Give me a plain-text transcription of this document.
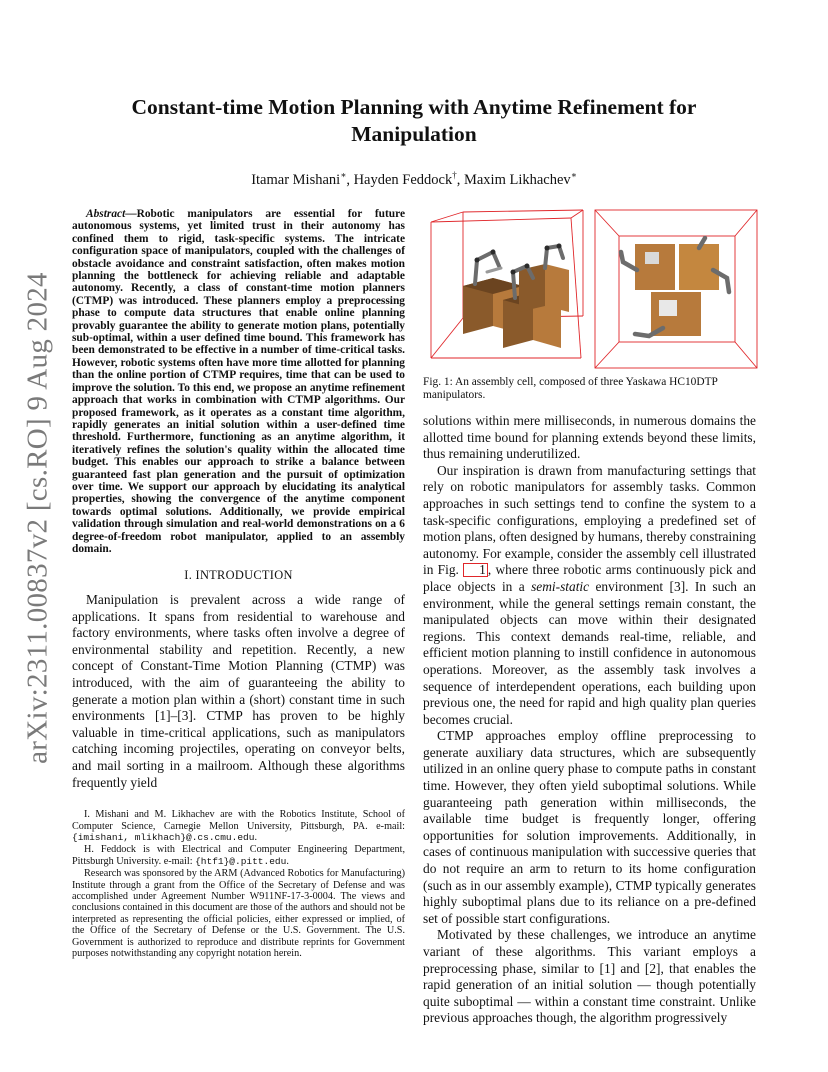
arXiv:2311.00837v2 [cs.RO] 9 Aug 2024
Constant-time Motion Planning with Anytime Refinement for Manipulation
Itamar Mishani∗, Hayden Feddock†, Maxim Likhachev∗

Abstract—Robotic manipulators are essential for future autonomous systems, yet limited trust in their autonomy has confined them to rigid, task-specific systems. The intricate configuration space of manipulators, coupled with the challenges of obstacle avoidance and constraint satisfaction, often makes motion planning the bottleneck for achieving reliable and adaptable autonomy. Recently, a class of constant-time motion planners (CTMP) was introduced. These planners employ a preprocessing phase to compute data structures that enable online planning provably guarantee the ability to generate motion plans, potentially sub-optimal, within a user defined time bound. This framework has been demonstrated to be effective in a number of time-critical tasks. However, robotic systems often have more time allotted for planning than the online portion of CTMP requires, time that can be used to improve the solution. To this end, we propose an anytime refinement approach that works in combination with CTMP algorithms. Our proposed framework, as it operates as a constant time algorithm, rapidly generates an initial solution within a user-defined time threshold. Furthermore, functioning as an anytime algorithm, it iteratively refines the solution's quality within the allocated time budget. This enables our approach to strike a balance between guaranteed fast plan generation and the pursuit of optimization over time. We support our approach by elucidating its analytical properties, showing the convergence of the anytime component towards optimal solutions. Additionally, we provide empirical validation through simulation and real-world demonstrations on a 6 degree-of-freedom robot manipulator, applied to an assembly domain.

I. INTRODUCTION

Manipulation is prevalent across a wide range of applications. It spans from residential to warehouse and factory environments, where tasks often involve a degree of environmental stability and repetition. Recently, a new concept of Constant-Time Motion Planning (CTMP) was introduced, with the aim of guaranteeing the ability to generate a motion plan within a (short) constant time in such environments [1]–[3]. CTMP has proven to be highly valuable in time-critical applications, such as manipulators catching incoming projectiles, operating on conveyor belts, and mail sorting in a mailroom. Although these algorithms frequently yield

I. Mishani and M. Likhachev are with the Robotics Institute, School of Computer Science, Carnegie Mellon University, Pittsburgh, PA. e-mail: {imishani, mlikhach}@.cs.cmu.edu.

H. Feddock is with Electrical and Computer Engineering Department, Pittsburgh University. e-mail: {htf1}@.pitt.edu.

Research was sponsored by the ARM (Advanced Robotics for Manufacturing) Institute through a grant from the Office of the Secretary of Defense and was accomplished under Agreement Number W911NF-17-3-0004. The views and conclusions contained in this document are those of the authors and should not be interpreted as representing the official policies, either expressed or implied, of the Office of the Secretary of Defense or the U.S. Government. The U.S. Government is authorized to reproduce and distribute reprints for Government purposes notwithstanding any copyright notation herein.

Fig. 1: An assembly cell, composed of three Yaskawa HC10DTP manipulators.

solutions within mere milliseconds, in numerous domains the allotted time bound for planning extends beyond these limits, thus remaining underutilized.

Our inspiration is drawn from manufacturing settings that rely on robotic manipulators for assembly tasks. Common approaches in such settings tend to confine the system to a task-specific configurations, employing a predefined set of motion plans, often designed by humans, thereby constraining autonomy. For example, consider the assembly cell illustrated in Fig. 1 , where three robotic arms continuously pick and place objects in a semi-static environment [3]. In such an environment, while the general settings remain constant, the manipulated objects can move within their designated regions. This context demands real-time, reliable, and efficient motion planning to instill confidence in autonomous operations. Moreover, as the assembly task involves a sequence of interdependent operations, each building upon previous one, the need for rapid and high quality plan queries becomes crucial.

CTMP approaches employ offline preprocessing to generate auxiliary data structures, which are subsequently utilized in an online query phase to compute paths in constant time. However, they often yield suboptimal solutions. While guaranteeing path generation within milliseconds, the available time budget is frequently longer, offering opportunities for solution improvements. Additionally, in cases of continuous manipulation with successive queries that do not require an arm to return to its home configuration (such as in our assembly example), CTMP typically generates highly suboptimal plans due to its reliance on a pre-defined set of possible start configurations.

Motivated by these challenges, we introduce an anytime variant of these algorithms. This variant employs a preprocessing phase, similar to [1] and [2], that enables the rapid generation of an initial solution — though potentially quite suboptimal — within a constant time constraint. Unlike previous approaches though, the algorithm progressively
